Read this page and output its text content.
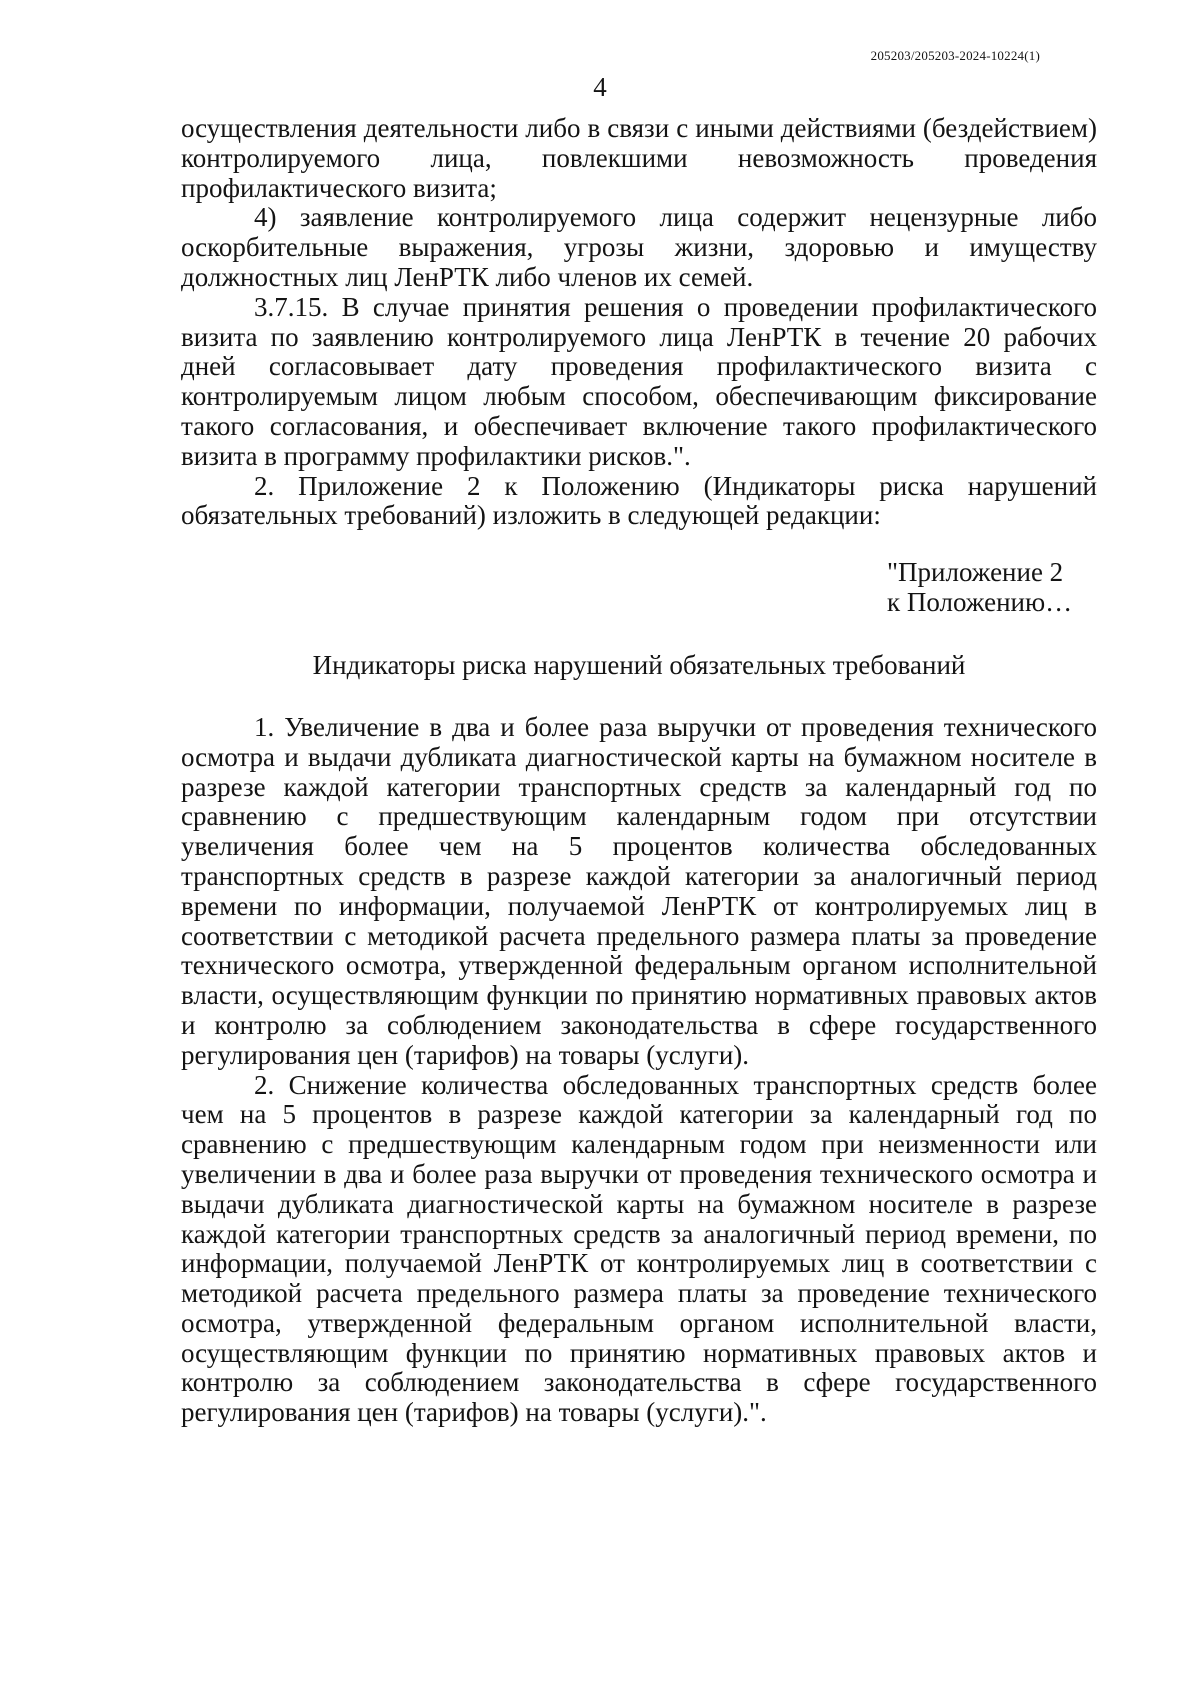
205203/205203-2024-10224(1)
4

осуществления деятельности либо в связи с иными действиями (бездействием) контролируемого лица, повлекшими невозможность проведения профилактического визита;

4) заявление контролируемого лица содержит нецензурные либо оскорбительные выражения, угрозы жизни, здоровью и имуществу должностных лиц ЛенРТК либо членов их семей.

3.7.15. В случае принятия решения о проведении профилактического визита по заявлению контролируемого лица ЛенРТК в течение 20 рабочих дней согласовывает дату проведения профилактического визита с контролируемым лицом любым способом, обеспечивающим фиксирование такого согласования, и обеспечивает включение такого профилактического визита в программу профилактики рисков.".

2. Приложение 2 к Положению (Индикаторы риска нарушений обязательных требований) изложить в следующей редакции:

"Приложение 2
к Положению…
Индикаторы риска нарушений обязательных требований

1. Увеличение в два и более раза выручки от проведения технического осмотра и выдачи дубликата диагностической карты на бумажном носителе в разрезе каждой категории транспортных средств за календарный год по сравнению с предшествующим календарным годом при отсутствии увеличения более чем на 5 процентов количества обследованных транспортных средств в разрезе каждой категории за аналогичный период времени по информации, получаемой ЛенРТК от контролируемых лиц в соответствии с методикой расчета предельного размера платы за проведение технического осмотра, утвержденной федеральным органом исполнительной власти, осуществляющим функции по принятию нормативных правовых актов и контролю за соблюдением законодательства в сфере государственного регулирования цен (тарифов) на товары (услуги).

2. Снижение количества обследованных транспортных средств более чем на 5 процентов в разрезе каждой категории за календарный год по сравнению с предшествующим календарным годом при неизменности или увеличении в два и более раза выручки от проведения технического осмотра и выдачи дубликата диагностической карты на бумажном носителе в разрезе каждой категории транспортных средств за аналогичный период времени, по информации, получаемой ЛенРТК от контролируемых лиц в соответствии с методикой расчета предельного размера платы за проведение технического осмотра, утвержденной федеральным органом исполнительной власти, осуществляющим функции по принятию нормативных правовых актов и контролю за соблюдением законодательства в сфере государственного регулирования цен (тарифов) на товары (услуги).".
